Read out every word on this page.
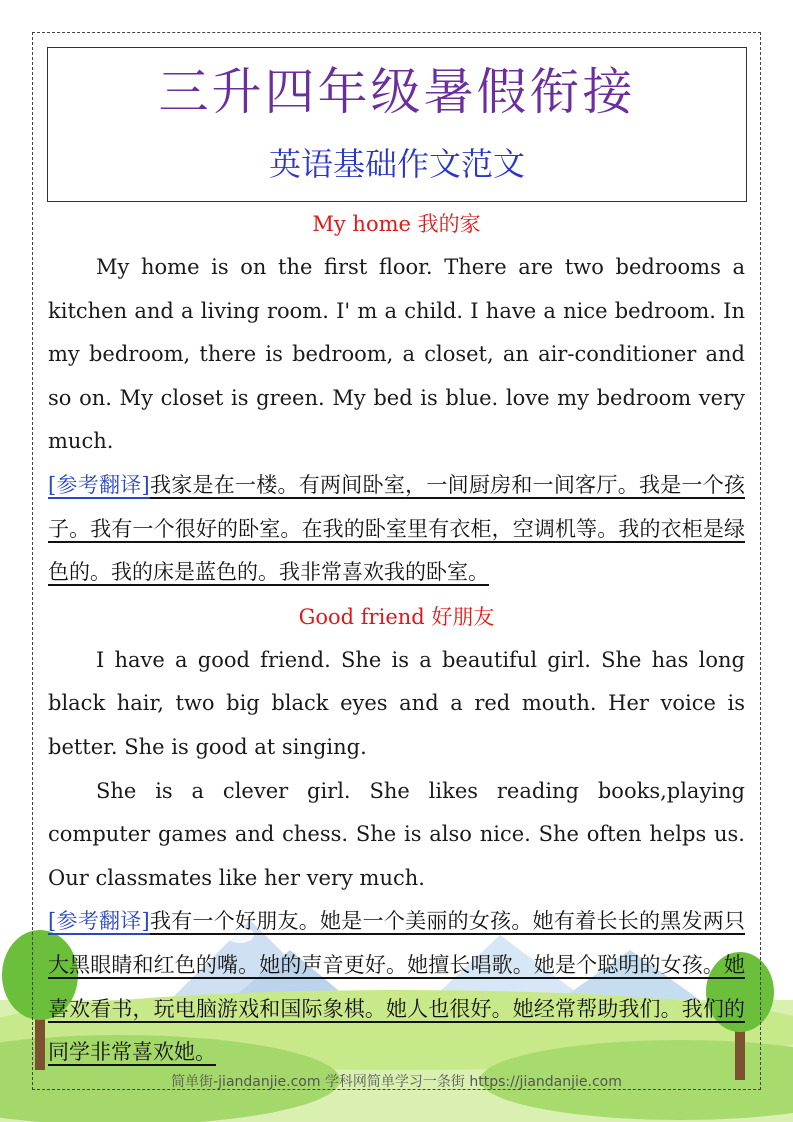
三升四年级暑假衔接
英语基础作文范文
My home 我的家

My home is on the first floor. There are two bedrooms a kitchen and a living room. I' m a child. I have a nice bedroom. In my bedroom, there is bedroom, a closet, an air-conditioner and so on. My closet is green. My bed is blue. love my bedroom very much.

[参考翻译]我家是在一楼。有两间卧室，一间厨房和一间客厅。我是一个孩子。我有一个很好的卧室。在我的卧室里有衣柜，空调机等。我的衣柜是绿色的。我的床是蓝色的。我非常喜欢我的卧室。

Good friend 好朋友

I have a good friend. She is a beautiful girl. She has long black hair, two big black eyes and a red mouth. Her voice is better. She is good at singing.

She is a clever girl. She likes reading books,playing computer games and chess. She is also nice. She often helps us. Our classmates like her very much.

[参考翻译]我有一个好朋友。她是一个美丽的女孩。她有着长长的黑发两只大黑眼睛和红色的嘴。她的声音更好。她擅长唱歌。她是个聪明的女孩。她喜欢看书，玩电脑游戏和国际象棋。她人也很好。她经常帮助我们。我们的同学非常喜欢她。

简单街-jiandanjie.com 学科网简单学习一条街 https://jiandanjie.com
